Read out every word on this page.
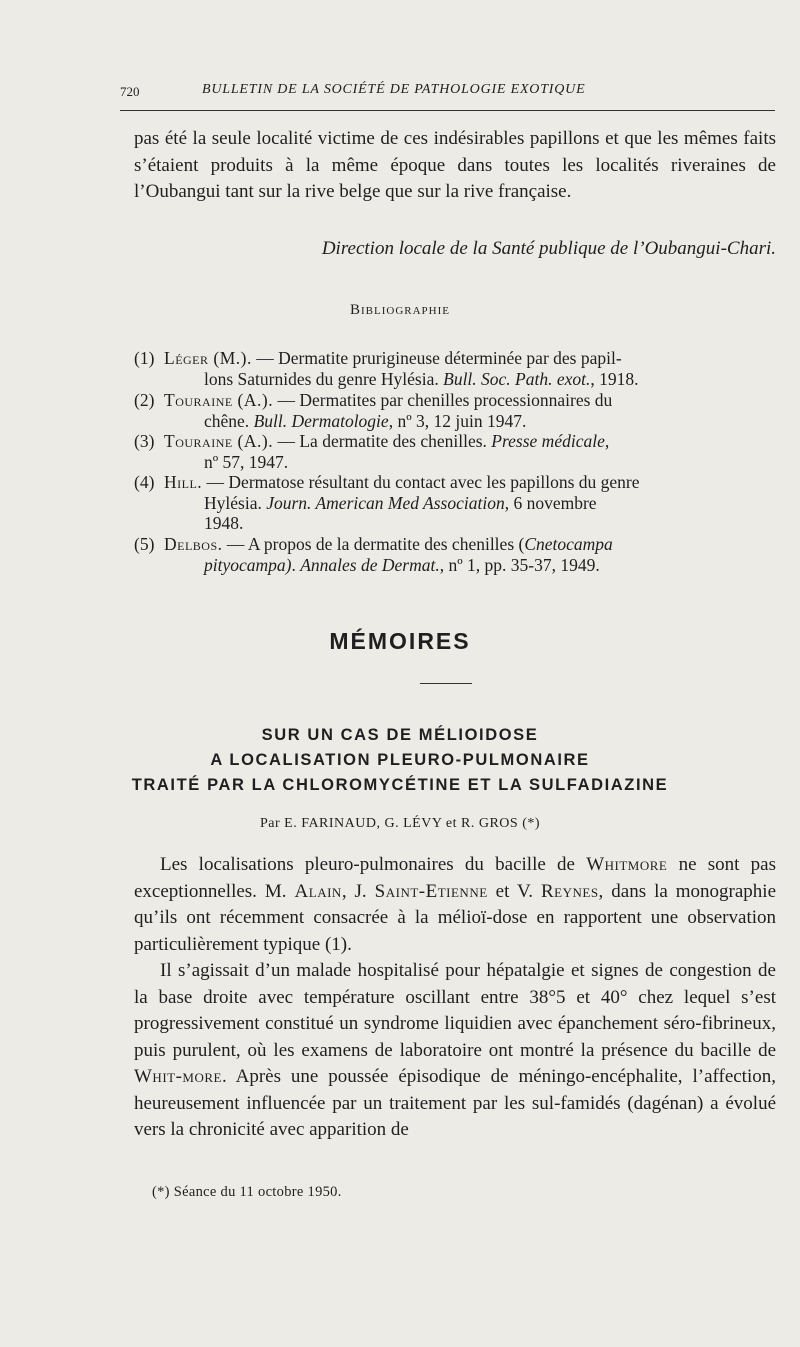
720	BULLETIN DE LA SOCIÉTÉ DE PATHOLOGIE EXOTIQUE
pas été la seule localité victime de ces indésirables papillons et que les mêmes faits s’étaient produits à la même époque dans toutes les localités riveraines de l’Oubangui tant sur la rive belge que sur la rive française.
Direction locale de la Santé publique de l’Oubangui-Chari.
Bibliographie
(1) Léger (M.). — Dermatite prurigineuse déterminée par des papil-
lons Saturnides du genre Hylésia. Bull. Soc. Path. exot., 1918.
(2) Touraine (A.). — Dermatites par chenilles processionnaires du
chêne. Bull. Dermatologie, nº 3, 12 juin 1947.
(3) Touraine (A.). — La dermatite des chenilles. Presse médicale,
nº 57, 1947.
(4) Hill. — Dermatose résultant du contact avec les papillons du genre
Hylésia. Journ. American Med Association, 6 novembre
1948.
(5) Delbos. — A propos de la dermatite des chenilles (Cnetocampa
pityocampa). Annales de Dermat., nº 1, pp. 35-37, 1949.
MÉMOIRES
SUR UN CAS DE MÉLIOIDOSE
A LOCALISATION PLEURO-PULMONAIRE
TRAITÉ PAR LA CHLOROMYCÉTINE ET LA SULFADIAZINE
Par E. FARINAUD, G. LÉVY et R. GROS (*)
Les localisations pleuro-pulmonaires du bacille de Whitmore ne sont pas exceptionnelles. M. Alain, J. Saint-Etienne et V. Reynes, dans la monographie qu’ils ont récemment consacrée à la mélioï-dose en rapportent une observation particulièrement typique (1).
Il s’agissait d’un malade hospitalisé pour hépatalgie et signes de congestion de la base droite avec température oscillant entre 38°5 et 40° chez lequel s’est progressivement constitué un syndrome liquidien avec épanchement séro-fibrineux, puis purulent, où les examens de laboratoire ont montré la présence du bacille de Whit-more. Après une poussée épisodique de méningo-encéphalite, l’affection, heureusement influencée par un traitement par les sul-famidés (dagénan) a évolué vers la chronicité avec apparition de
(*) Séance du 11 octobre 1950.
